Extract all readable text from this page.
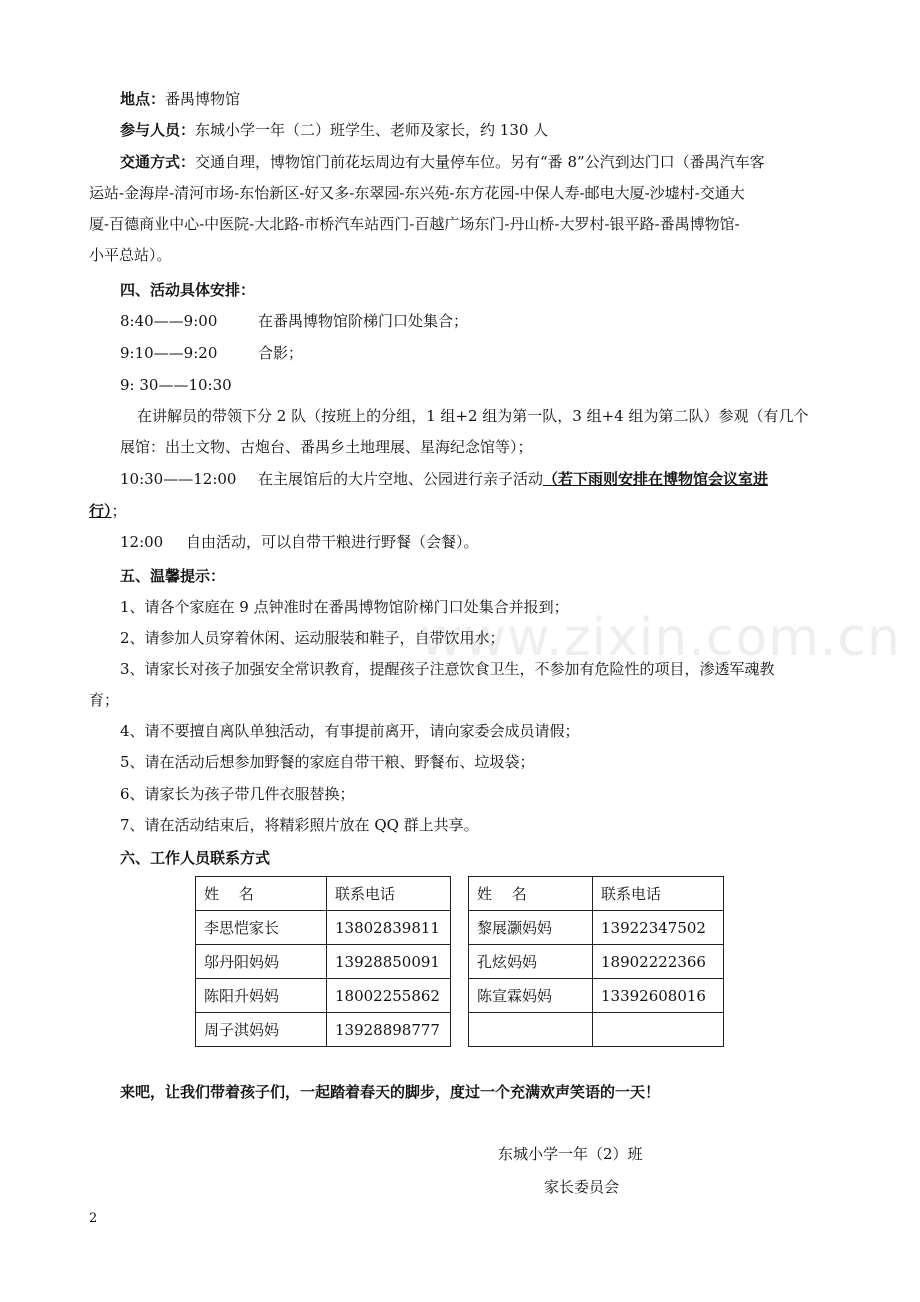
www.zixin.com.cn
地点：番禺博物馆
参与人员：东城小学一年（二）班学生、老师及家长，约 130 人
交通方式：交通自理，博物馆门前花坛周边有大量停车位。另有“番 8”公汽到达门口（番禺汽车客
运站-金海岸-清河市场-东怡新区-好又多-东翠园-东兴苑-东方花园-中保人寿-邮电大厦-沙墟村-交通大
厦-百德商业中心-中医院-大北路-市桥汽车站西门-百越广场东门-丹山桥-大罗村-银平路-番禺博物馆-
小平总站）。
四、活动具体安排：
8:40——9:00	在番禺博物馆阶梯门口处集合；
9:10——9:20	合影；
9: 30——10:30
在讲解员的带领下分 2 队（按班上的分组，1 组+2 组为第一队，3 组+4 组为第二队）参观（有几个
展馆：出土文物、古炮台、番禺乡土地理展、星海纪念馆等）；
10:30——12:00 在主展馆后的大片空地、公园进行亲子活动（若下雨则安排在博物馆会议室进
行）；
12:00 自由活动，可以自带干粮进行野餐（会餐）。
五、温馨提示：
1、请各个家庭在 9 点钟准时在番禺博物馆阶梯门口处集合并报到；
2、请参加人员穿着休闲、运动服装和鞋子，自带饮用水；
3、请家长对孩子加强安全常识教育，提醒孩子注意饮食卫生，不参加有危险性的项目，渗透军魂教
育；
4、请不要擅自离队单独活动，有事提前离开，请向家委会成员请假；
5、请在活动后想参加野餐的家庭自带干粮、野餐布、垃圾袋；
6、请家长为孩子带几件衣服替换；
7、请在活动结束后，将精彩照片放在 QQ 群上共享。
六、工作人员联系方式
姓　 名	联系电话		姓　 名	联系电话
李思恺家长	13802839811		黎展灏妈妈	13922347502
邬丹阳妈妈	13928850091		孔炫妈妈	18902222366
陈阳升妈妈	18002255862		陈宣霖妈妈	13392608016
周子淇妈妈	13928898777			
来吧，让我们带着孩子们，一起踏着春天的脚步，度过一个充满欢声笑语的一天！
东城小学一年（2）班
家长委员会
2
